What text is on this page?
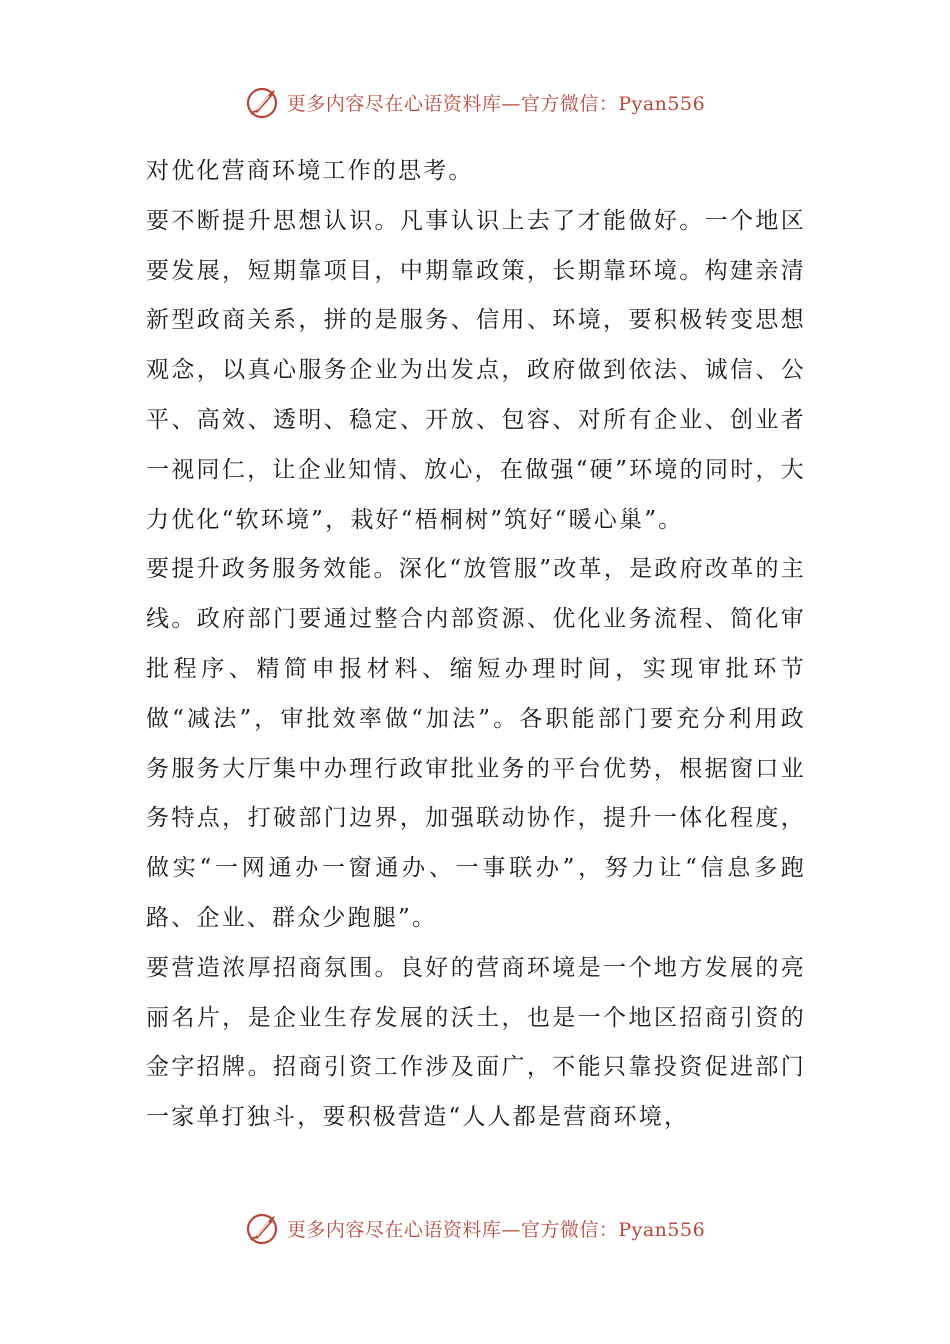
更多内容尽在心语资料库—官方微信：Pyan556

对优化营商环境工作的思考。

要不断提升思想认识。凡事认识上去了才能做好。一个地区要发展，短期靠项目，中期靠政策，长期靠环境。构建亲清新型政商关系，拼的是服务、信用、环境，要积极转变思想观念，以真心服务企业为出发点，政府做到依法、诚信、公平、高效、透明、稳定、开放、包容、对所有企业、创业者一视同仁，让企业知情、放心，在做强“硬”环境的同时，大力优化“软环境”，栽好“梧桐树”筑好“暖心巢”。

要提升政务服务效能。深化“放管服”改革，是政府改革的主线。政府部门要通过整合内部资源、优化业务流程、简化审批程序、精简申报材料、缩短办理时间，实现审批环节做“减法”，审批效率做“加法”。各职能部门要充分利用政务服务大厅集中办理行政审批业务的平台优势，根据窗口业务特点，打破部门边界，加强联动协作，提升一体化程度，做实“一网通办一窗通办、一事联办”，努力让“信息多跑路、企业、群众少跑腿”。

要营造浓厚招商氛围。良好的营商环境是一个地方发展的亮丽名片，是企业生存发展的沃土，也是一个地区招商引资的金字招牌。招商引资工作涉及面广，不能只靠投资促进部门一家单打独斗，要积极营造“人人都是营商环境，

更多内容尽在心语资料库—官方微信：Pyan556
